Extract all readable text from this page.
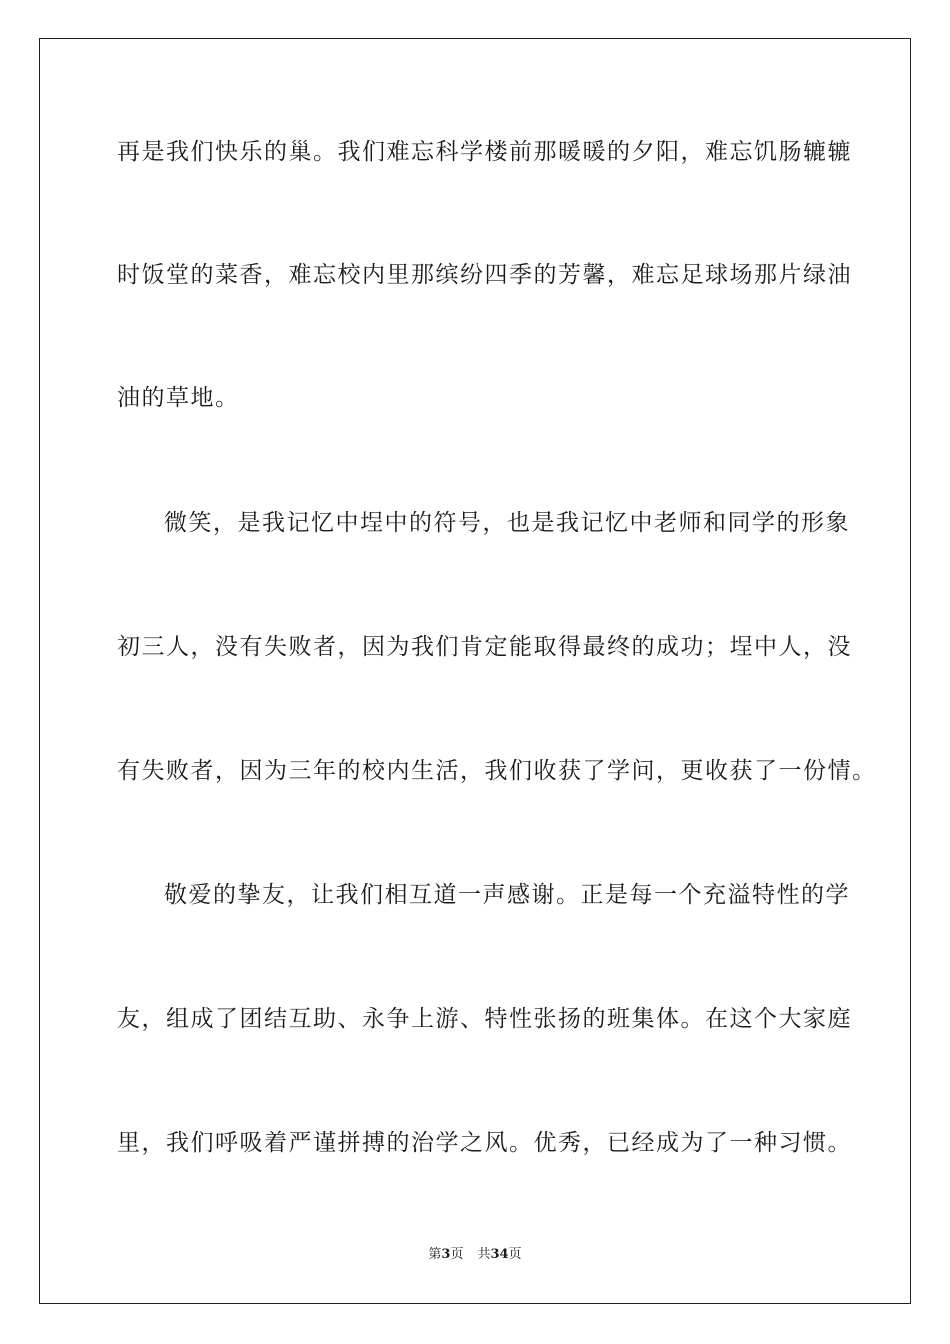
再是我们快乐的巢。我们难忘科学楼前那暖暖的夕阳，难忘饥肠辘辘
时饭堂的菜香，难忘校内里那缤纷四季的芳馨，难忘足球场那片绿油
油的草地。
微笑，是我记忆中埕中的符号，也是我记忆中老师和同学的形象
初三人，没有失败者，因为我们肯定能取得最终的成功；埕中人，没
有失败者，因为三年的校内生活，我们收获了学问，更收获了一份情。
敬爱的挚友，让我们相互道一声感谢。正是每一个充溢特性的学
友，组成了团结互助、永争上游、特性张扬的班集体。在这个大家庭
里，我们呼吸着严谨拼搏的治学之风。优秀，已经成为了一种习惯。
第3页 共34页
